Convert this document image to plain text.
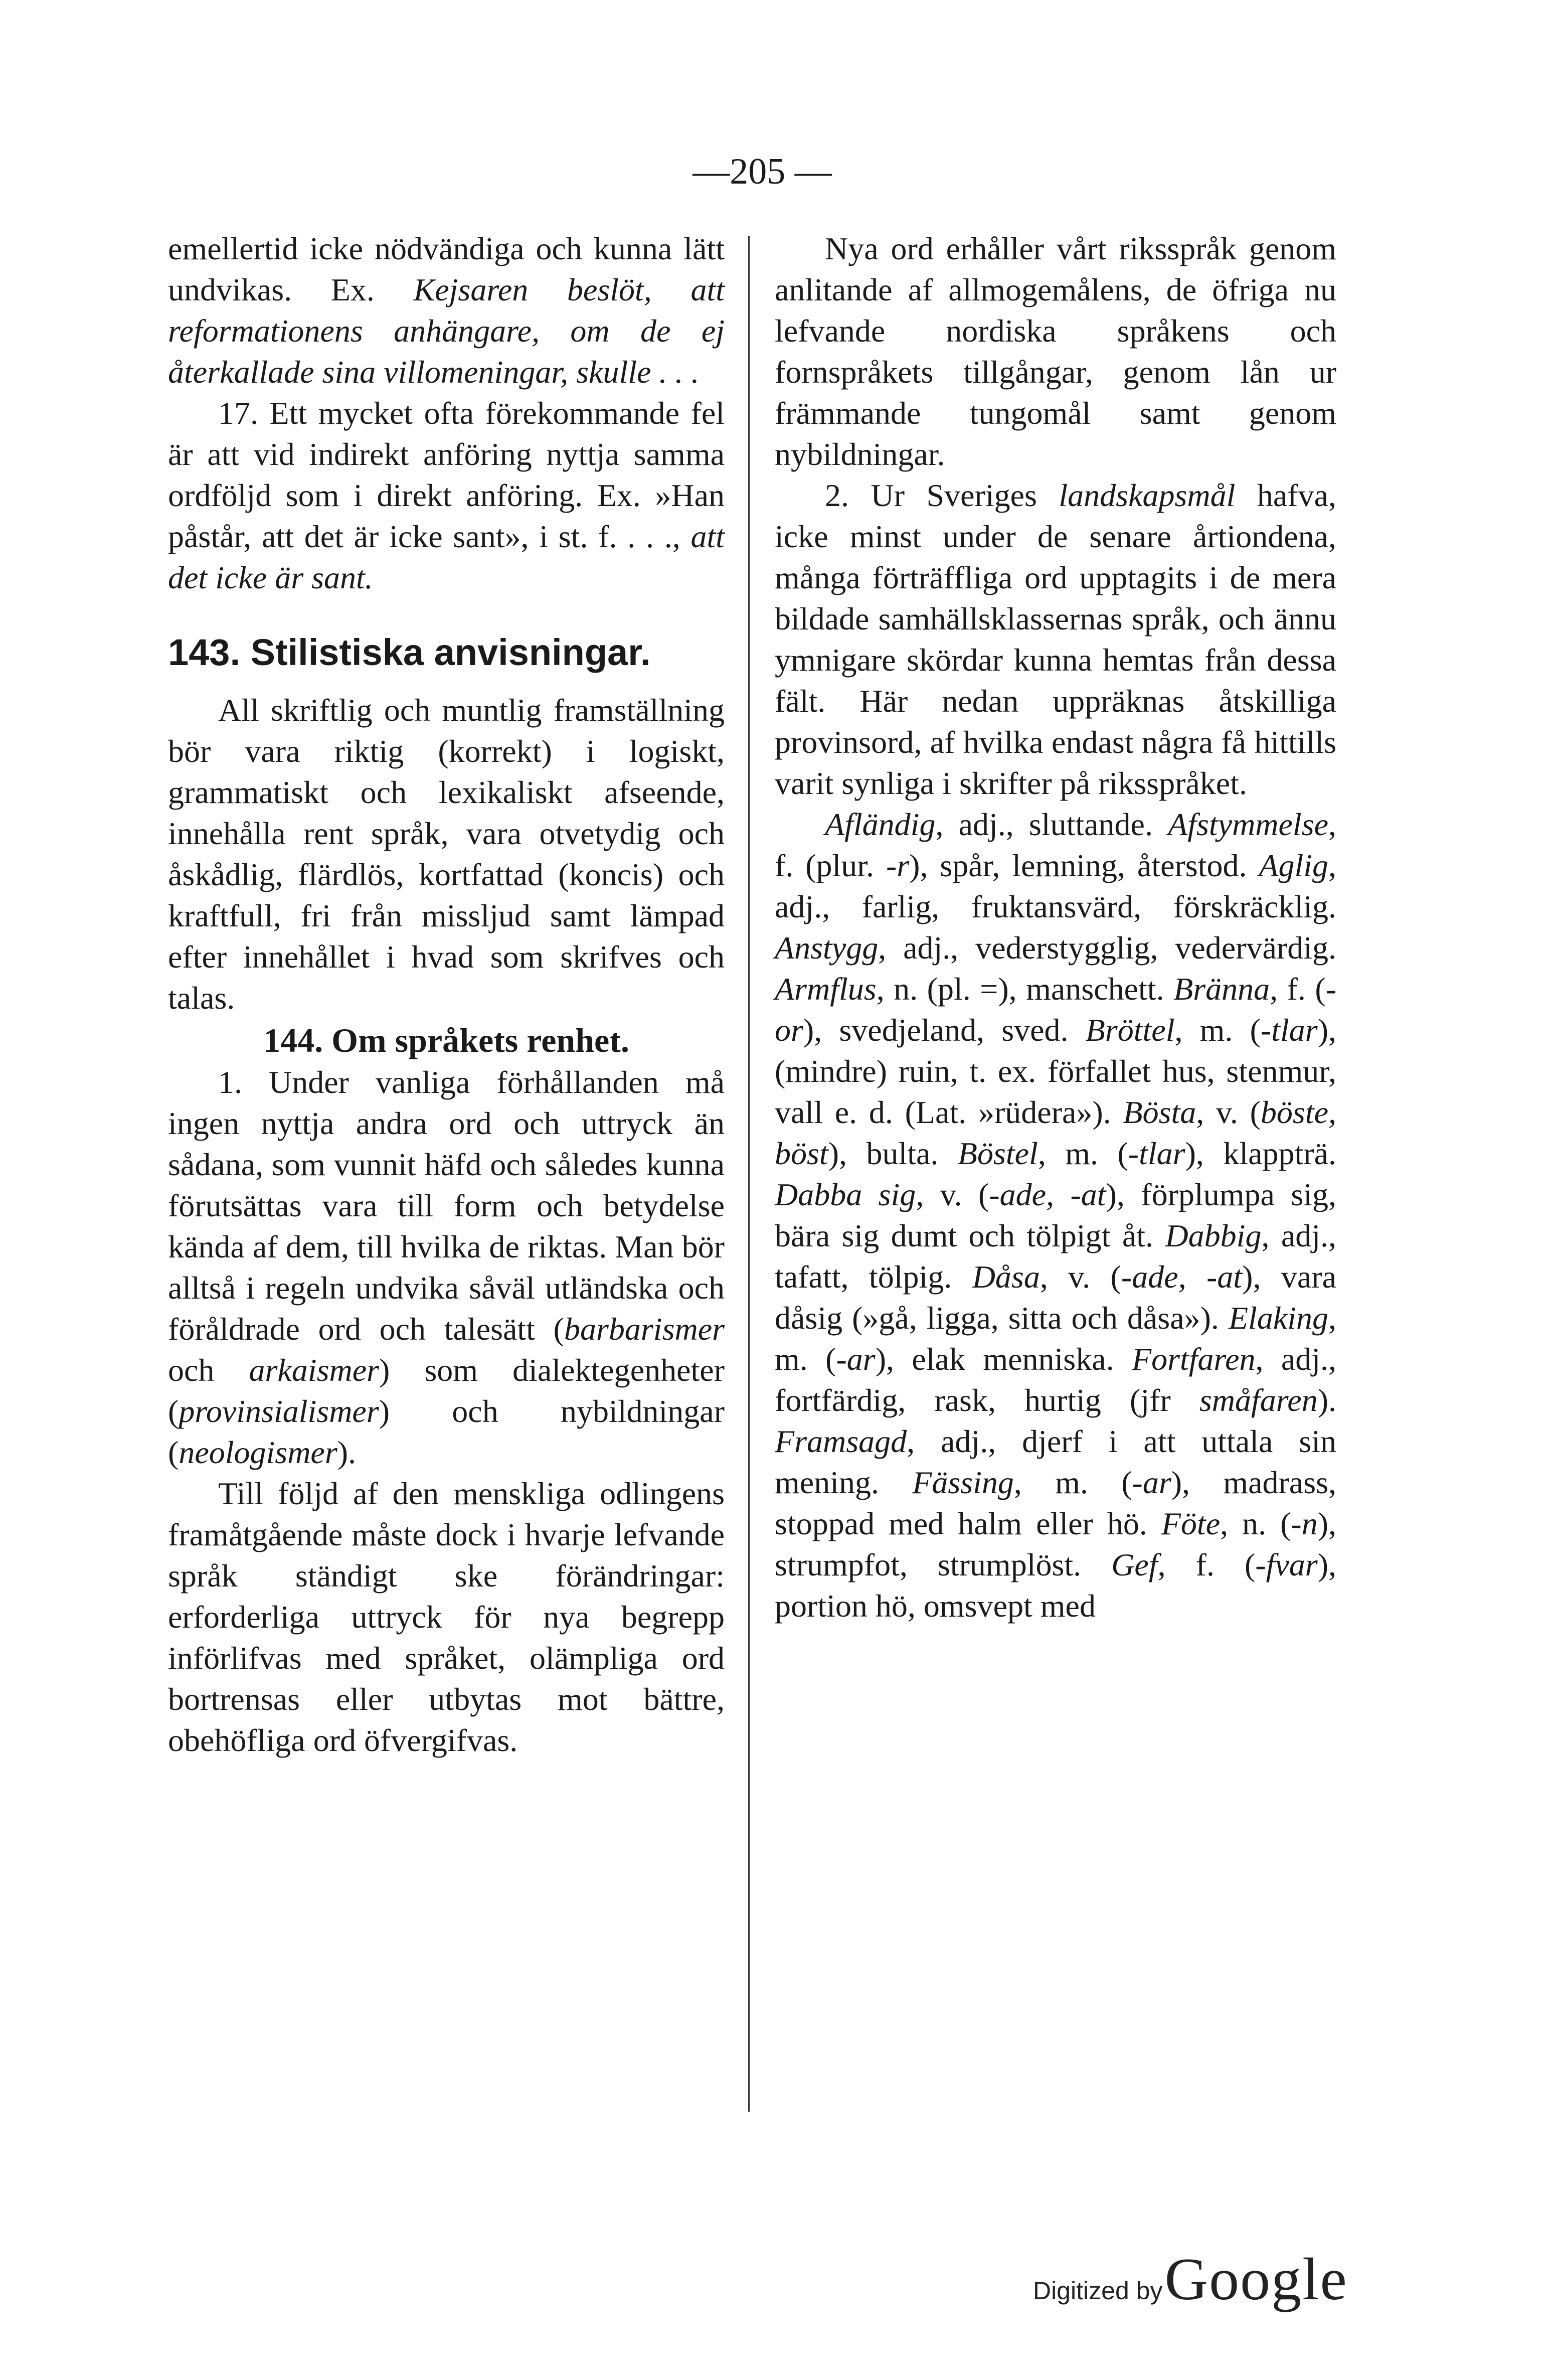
—205 —

emellertid icke nödvändiga och kunna lätt undvikas. Ex. Kejsaren beslöt, att reformationens anhängare, om de ej återkallade sina villomeningar, skulle . . .

17. Ett mycket ofta förekommande fel är att vid indirekt anföring nyttja samma ordföljd som i direkt anföring. Ex. »Han påstår, att det är icke sant», i st. f. . . ., att det icke är sant.

143. Stilistiska anvisningar.

All skriftlig och muntlig framställning bör vara riktig (korrekt) i logiskt, grammatiskt och lexikaliskt afseende, innehålla rent språk, vara otvetydig och åskådlig, flärdlös, kortfattad (koncis) och kraftfull, fri från missljud samt lämpad efter innehållet i hvad som skrifves och talas.

144. Om språkets renhet.

1. Under vanliga förhållanden må ingen nyttja andra ord och uttryck än sådana, som vunnit häfd och således kunna förutsättas vara till form och betydelse kända af dem, till hvilka de riktas. Man bör alltså i regeln undvika såväl utländska och föråldrade ord och talesätt (barbarismer och arkaismer) som dialektegenheter (provinsialismer) och nybildningar (neologismer).

Till följd af den menskliga odlingens framåtgående måste dock i hvarje lefvande språk ständigt ske förändringar: erforderliga uttryck för nya begrepp införlifvas med språket, olämpliga ord bortrensas eller utbytas mot bättre, obehöfliga ord öfvergifvas.

Nya ord erhåller vårt riksspråk genom anlitande af allmogemålens, de öfriga nu lefvande nordiska språkens och fornspråkets tillgångar, genom lån ur främmande tungomål samt genom nybildningar.

2. Ur Sveriges landskapsmål hafva, icke minst under de senare årtiondena, många förträffliga ord upptagits i de mera bildade samhällsklassernas språk, och ännu ymnigare skördar kunna hemtas från dessa fält. Här nedan uppräknas åtskilliga provinsord, af hvilka endast några få hittills varit synliga i skrifter på riksspråket.

Afländig, adj., sluttande. Afstymmelse, f. (plur. -r), spår, lemning, återstod. Aglig, adj., farlig, fruktansvärd, förskräcklig. Anstygg, adj., vederstygglig, vedervärdig. Armflus, n. (pl. =), manschett. Bränna, f. (-or), svedjeland, sved. Bröttel, m. (-tlar), (mindre) ruin, t. ex. förfallet hus, stenmur, vall e. d. (Lat. »rüdera»). Bösta, v. (böste, böst), bulta. Böstel, m. (-tlar), klappträ. Dabba sig, v. (-ade, -at), förplumpa sig, bära sig dumt och tölpigt åt. Dabbig, adj., tafatt, tölpig. Dåsa, v. (-ade, -at), vara dåsig (»gå, ligga, sitta och dåsa»). Elaking, m. (-ar), elak menniska. Fortfaren, adj., fortfärdig, rask, hurtig (jfr småfaren). Framsagd, adj., djerf i att uttala sin mening. Fässing, m. (-ar), madrass, stoppad med halm eller hö. Föte, n. (-n), strumpfot, strumplöst. Gef, f. (-fvar), portion hö, omsvept med

Digitized by Google
